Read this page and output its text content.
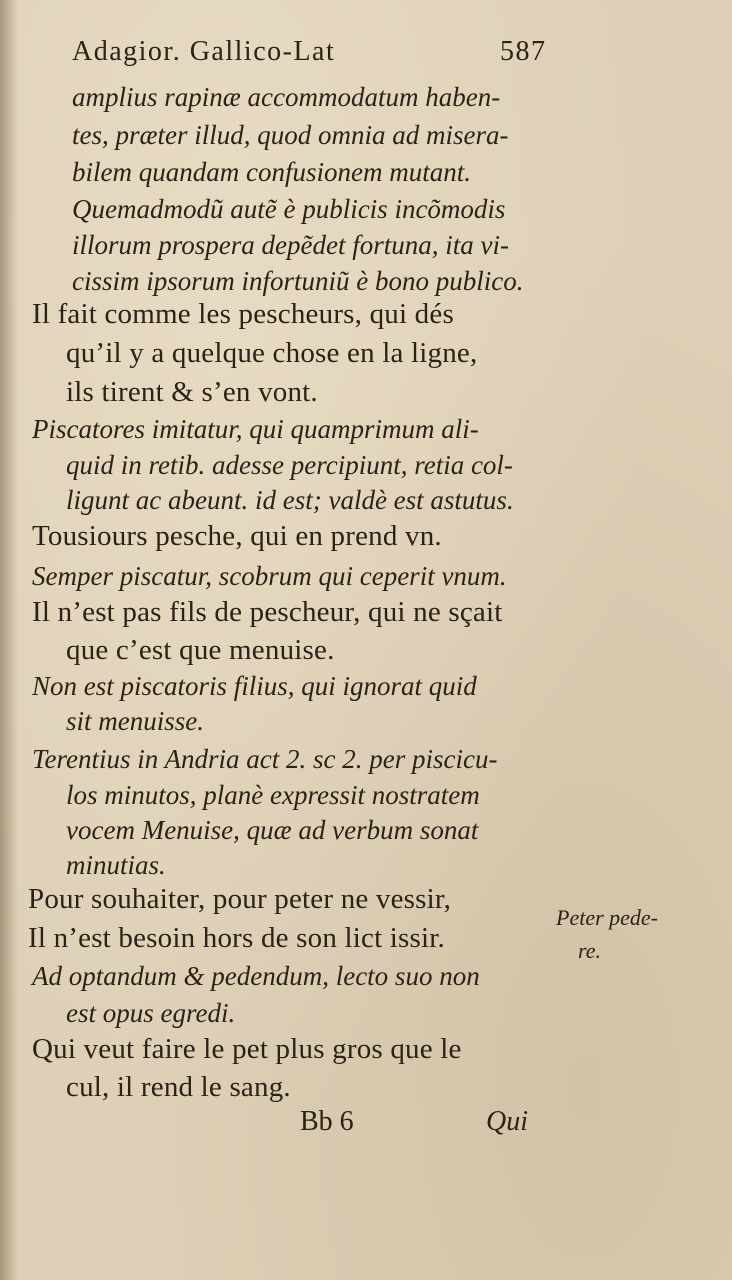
Adagior. Gallico-Lat	587
amplius rapinæ accommodatum haben-
tes, præter illud, quod omnia ad misera-
bilem quandam confusionem mutant.
Quemadmodũ autẽ è publicis incõmodis
illorum prospera depẽdet fortuna, ita vi-
cissim ipsorum infortuniũ è bono publico.
Il fait comme les pescheurs, qui dés
qu’il y a quelque chose en la ligne,
ils tirent & s’en vont.
Piscatores imitatur, qui quamprimum ali-
quid in retib. adesse percipiunt, retia col-
ligunt ac abeunt. id est; valdè est astutus.
Tousiours pesche, qui en prend vn.
Semper piscatur, scobrum qui ceperit vnum.
Il n’est pas fils de pescheur, qui ne sçait
que c’est que menuise.
Non est piscatoris filius, qui ignorat quid
sit menuisse.
Terentius in Andria act 2. sc 2. per piscicu-
los minutos, planè expressit nostratem
vocem Menuise, quæ ad verbum sonat
minutias.
Pour souhaiter, pour peter ne vessir,
Il n’est besoin hors de son lict issir.
Ad optandum & pedendum, lecto suo non
est opus egredi.
Qui veut faire le pet plus gros que le
cul, il rend le sang.
Peter pede-
re.
Bb 6	Qui
